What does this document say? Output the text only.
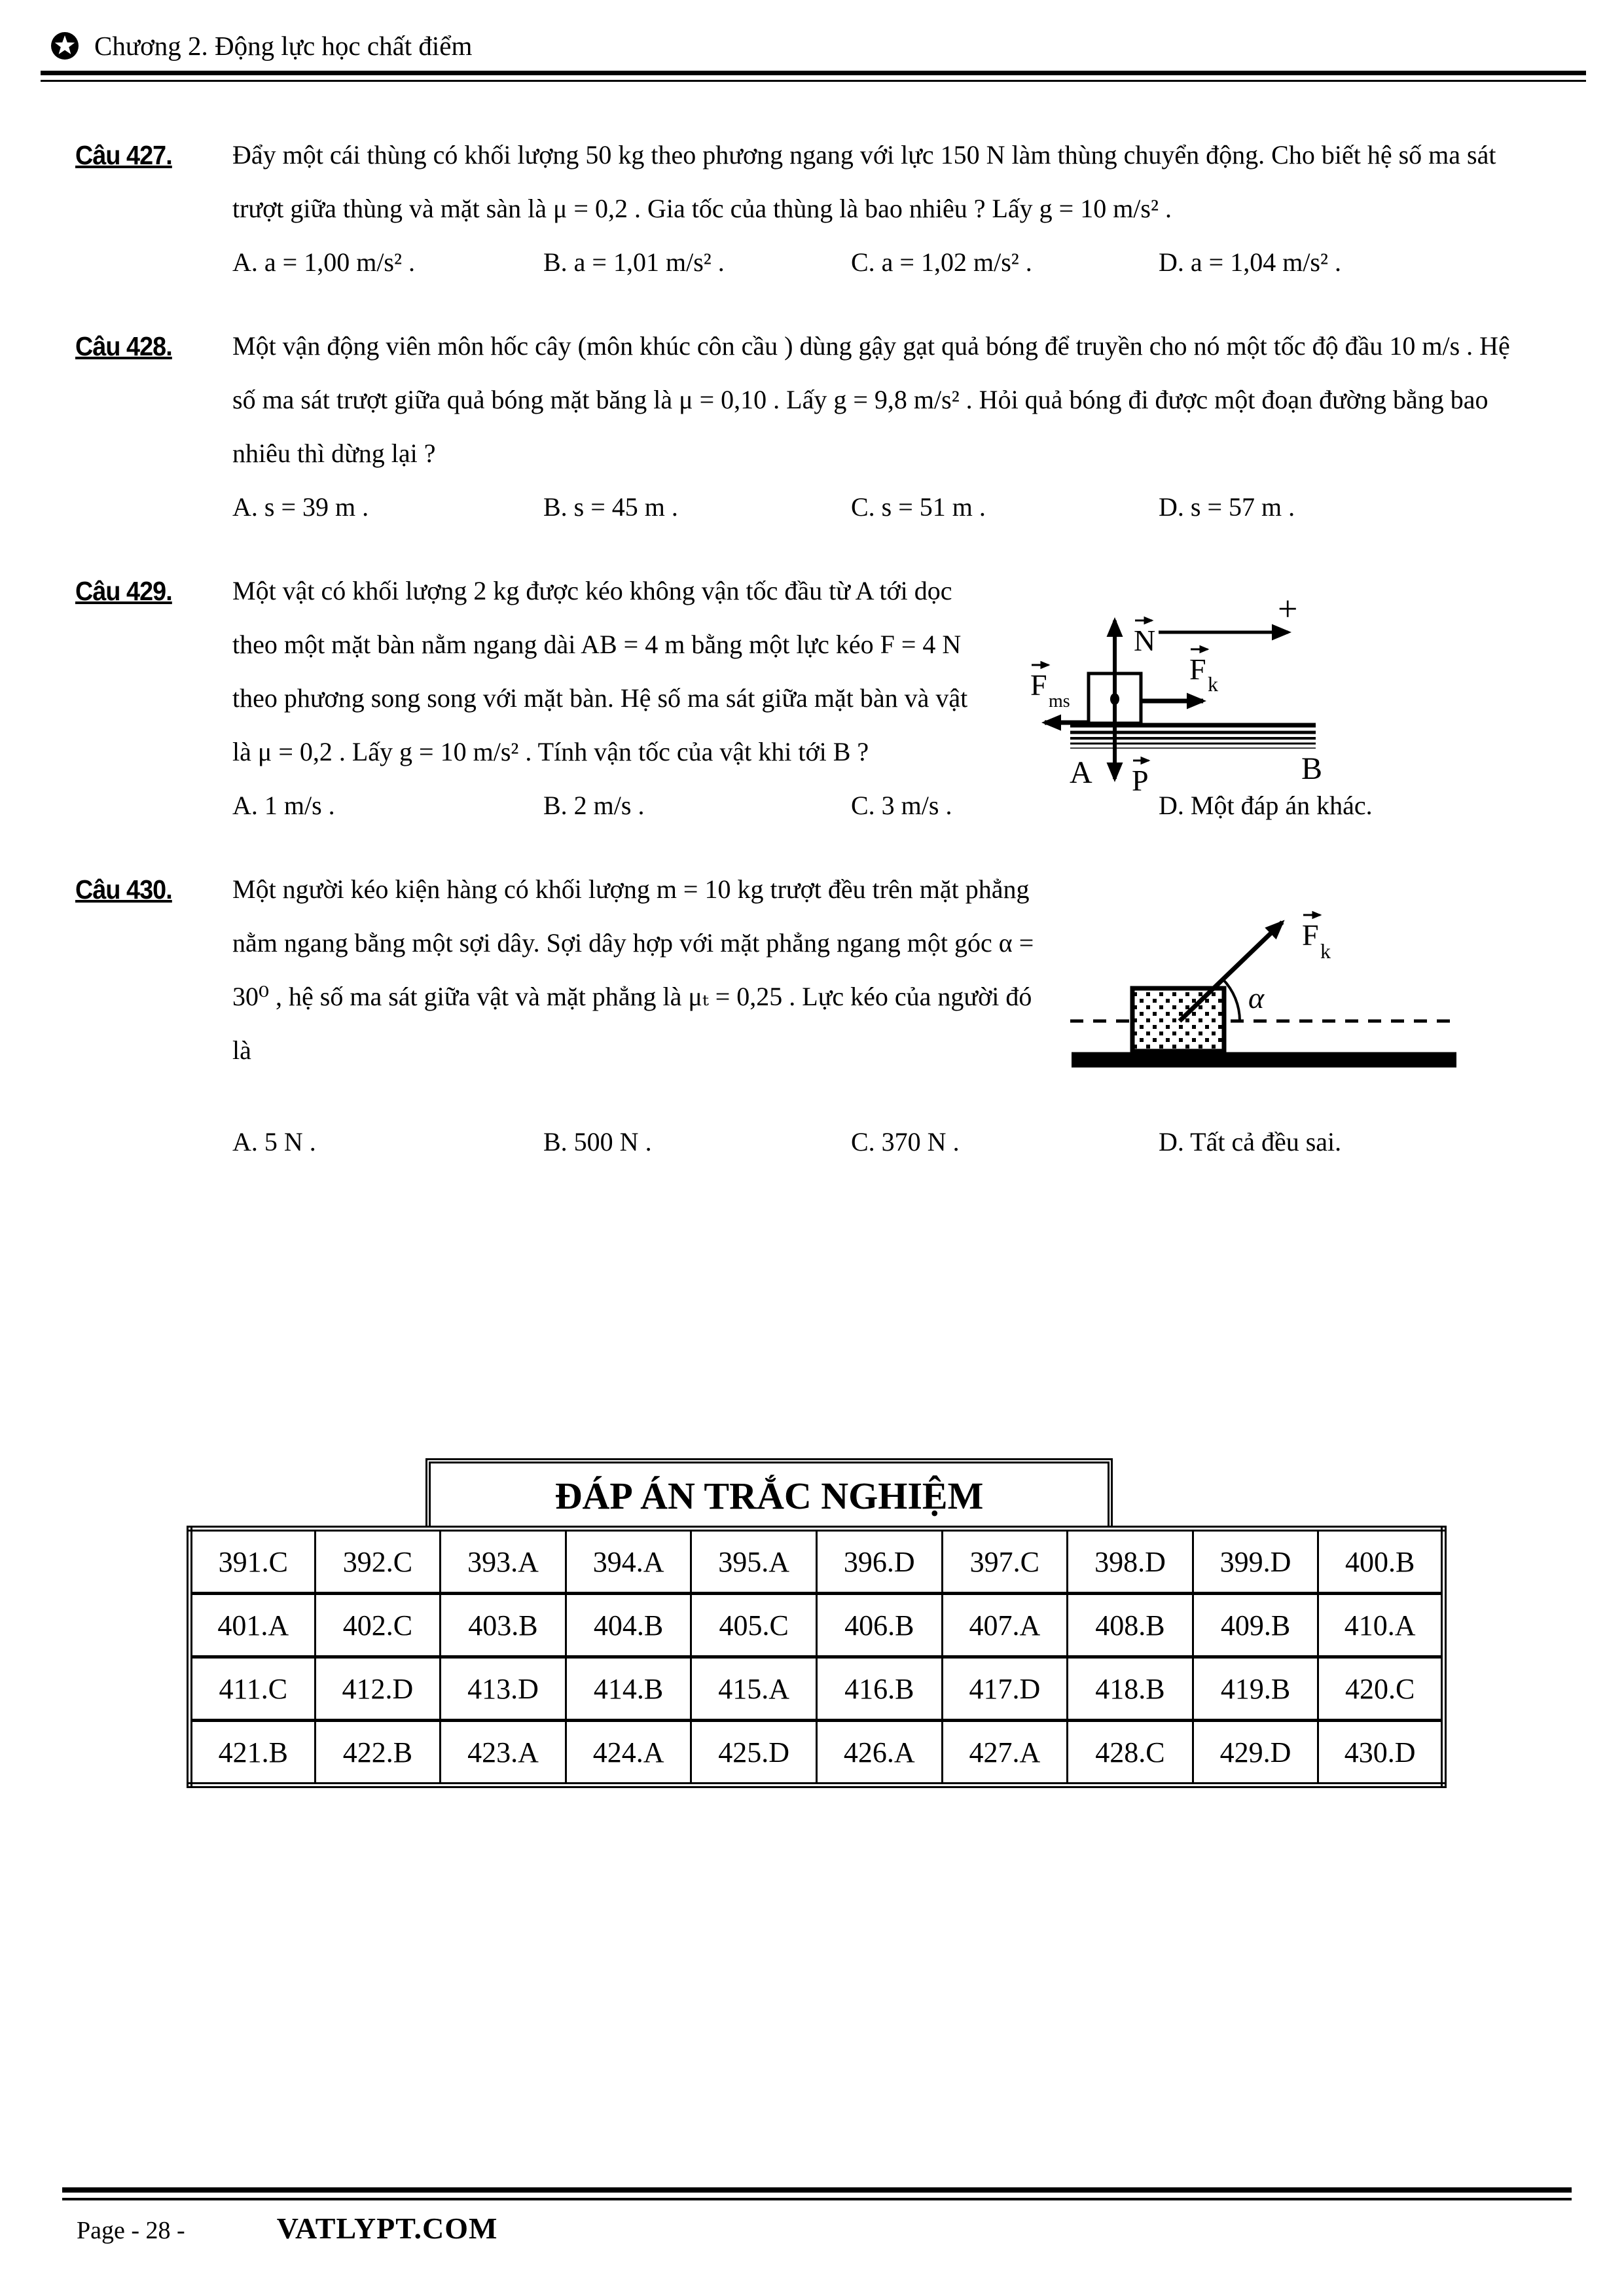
Chương 2. Động lực học chất điểm
Câu 427.	Đẩy một cái thùng có khối lượng 50 kg theo phương ngang với lực 150 N làm thùng chuyển động. Cho biết hệ số ma sát trượt giữa thùng và mặt sàn là μ = 0,2 . Gia tốc của thùng là bao nhiêu ? Lấy g = 10 m/s² .
A. a = 1,00 m/s² .	B. a = 1,01 m/s² .	C. a = 1,02 m/s² .	D. a = 1,04 m/s² .
Câu 428.	Một vận động viên môn hốc cây (môn khúc côn cầu ) dùng gậy gạt quả bóng để truyền cho nó một tốc độ đầu 10 m/s . Hệ số ma sát trượt giữa quả bóng mặt băng là μ = 0,10 . Lấy g = 9,8 m/s² . Hỏi quả bóng đi được một đoạn đường bằng bao nhiêu thì dừng lại ?
A. s = 39 m .	B. s = 45 m .	C. s = 51 m .	D. s = 57 m .
Câu 429.	Một vật có khối lượng 2 kg được kéo không vận tốc đầu từ A tới dọc theo một mặt bàn nằm ngang dài AB = 4 m bằng một lực kéo F = 4 N theo phương song song với mặt bàn. Hệ số ma sát giữa mặt bàn và vật là μ = 0,2 . Lấy g = 10 m/s² . Tính vận tốc của vật khi tới B ?
+
N
F k
F ms
P
A	B
A. 1 m/s .	B. 2 m/s .	C. 3 m/s .	D. Một đáp án khác.
Câu 430.	Một người kéo kiện hàng có khối lượng m = 10 kg trượt đều trên mặt phẳng nằm ngang bằng một sợi dây. Sợi dây hợp với mặt phẳng ngang một góc α = 30⁰ , hệ số ma sát giữa vật và mặt phẳng là μₜ = 0,25 . Lực kéo của người đó là
α
F k
A. 5 N .	B. 500 N .	C. 370 N .	D. Tất cả đều sai.
ĐÁP ÁN TRẮC NGHIỆM
391.C	392.C	393.A	394.A	395.A	396.D	397.C	398.D	399.D	400.B
401.A	402.C	403.B	404.B	405.C	406.B	407.A	408.B	409.B	410.A
411.C	412.D	413.D	414.B	415.A	416.B	417.D	418.B	419.B	420.C
421.B	422.B	423.A	424.A	425.D	426.A	427.A	428.C	429.D	430.D
Page - 28 -	VATLYPT.COM
